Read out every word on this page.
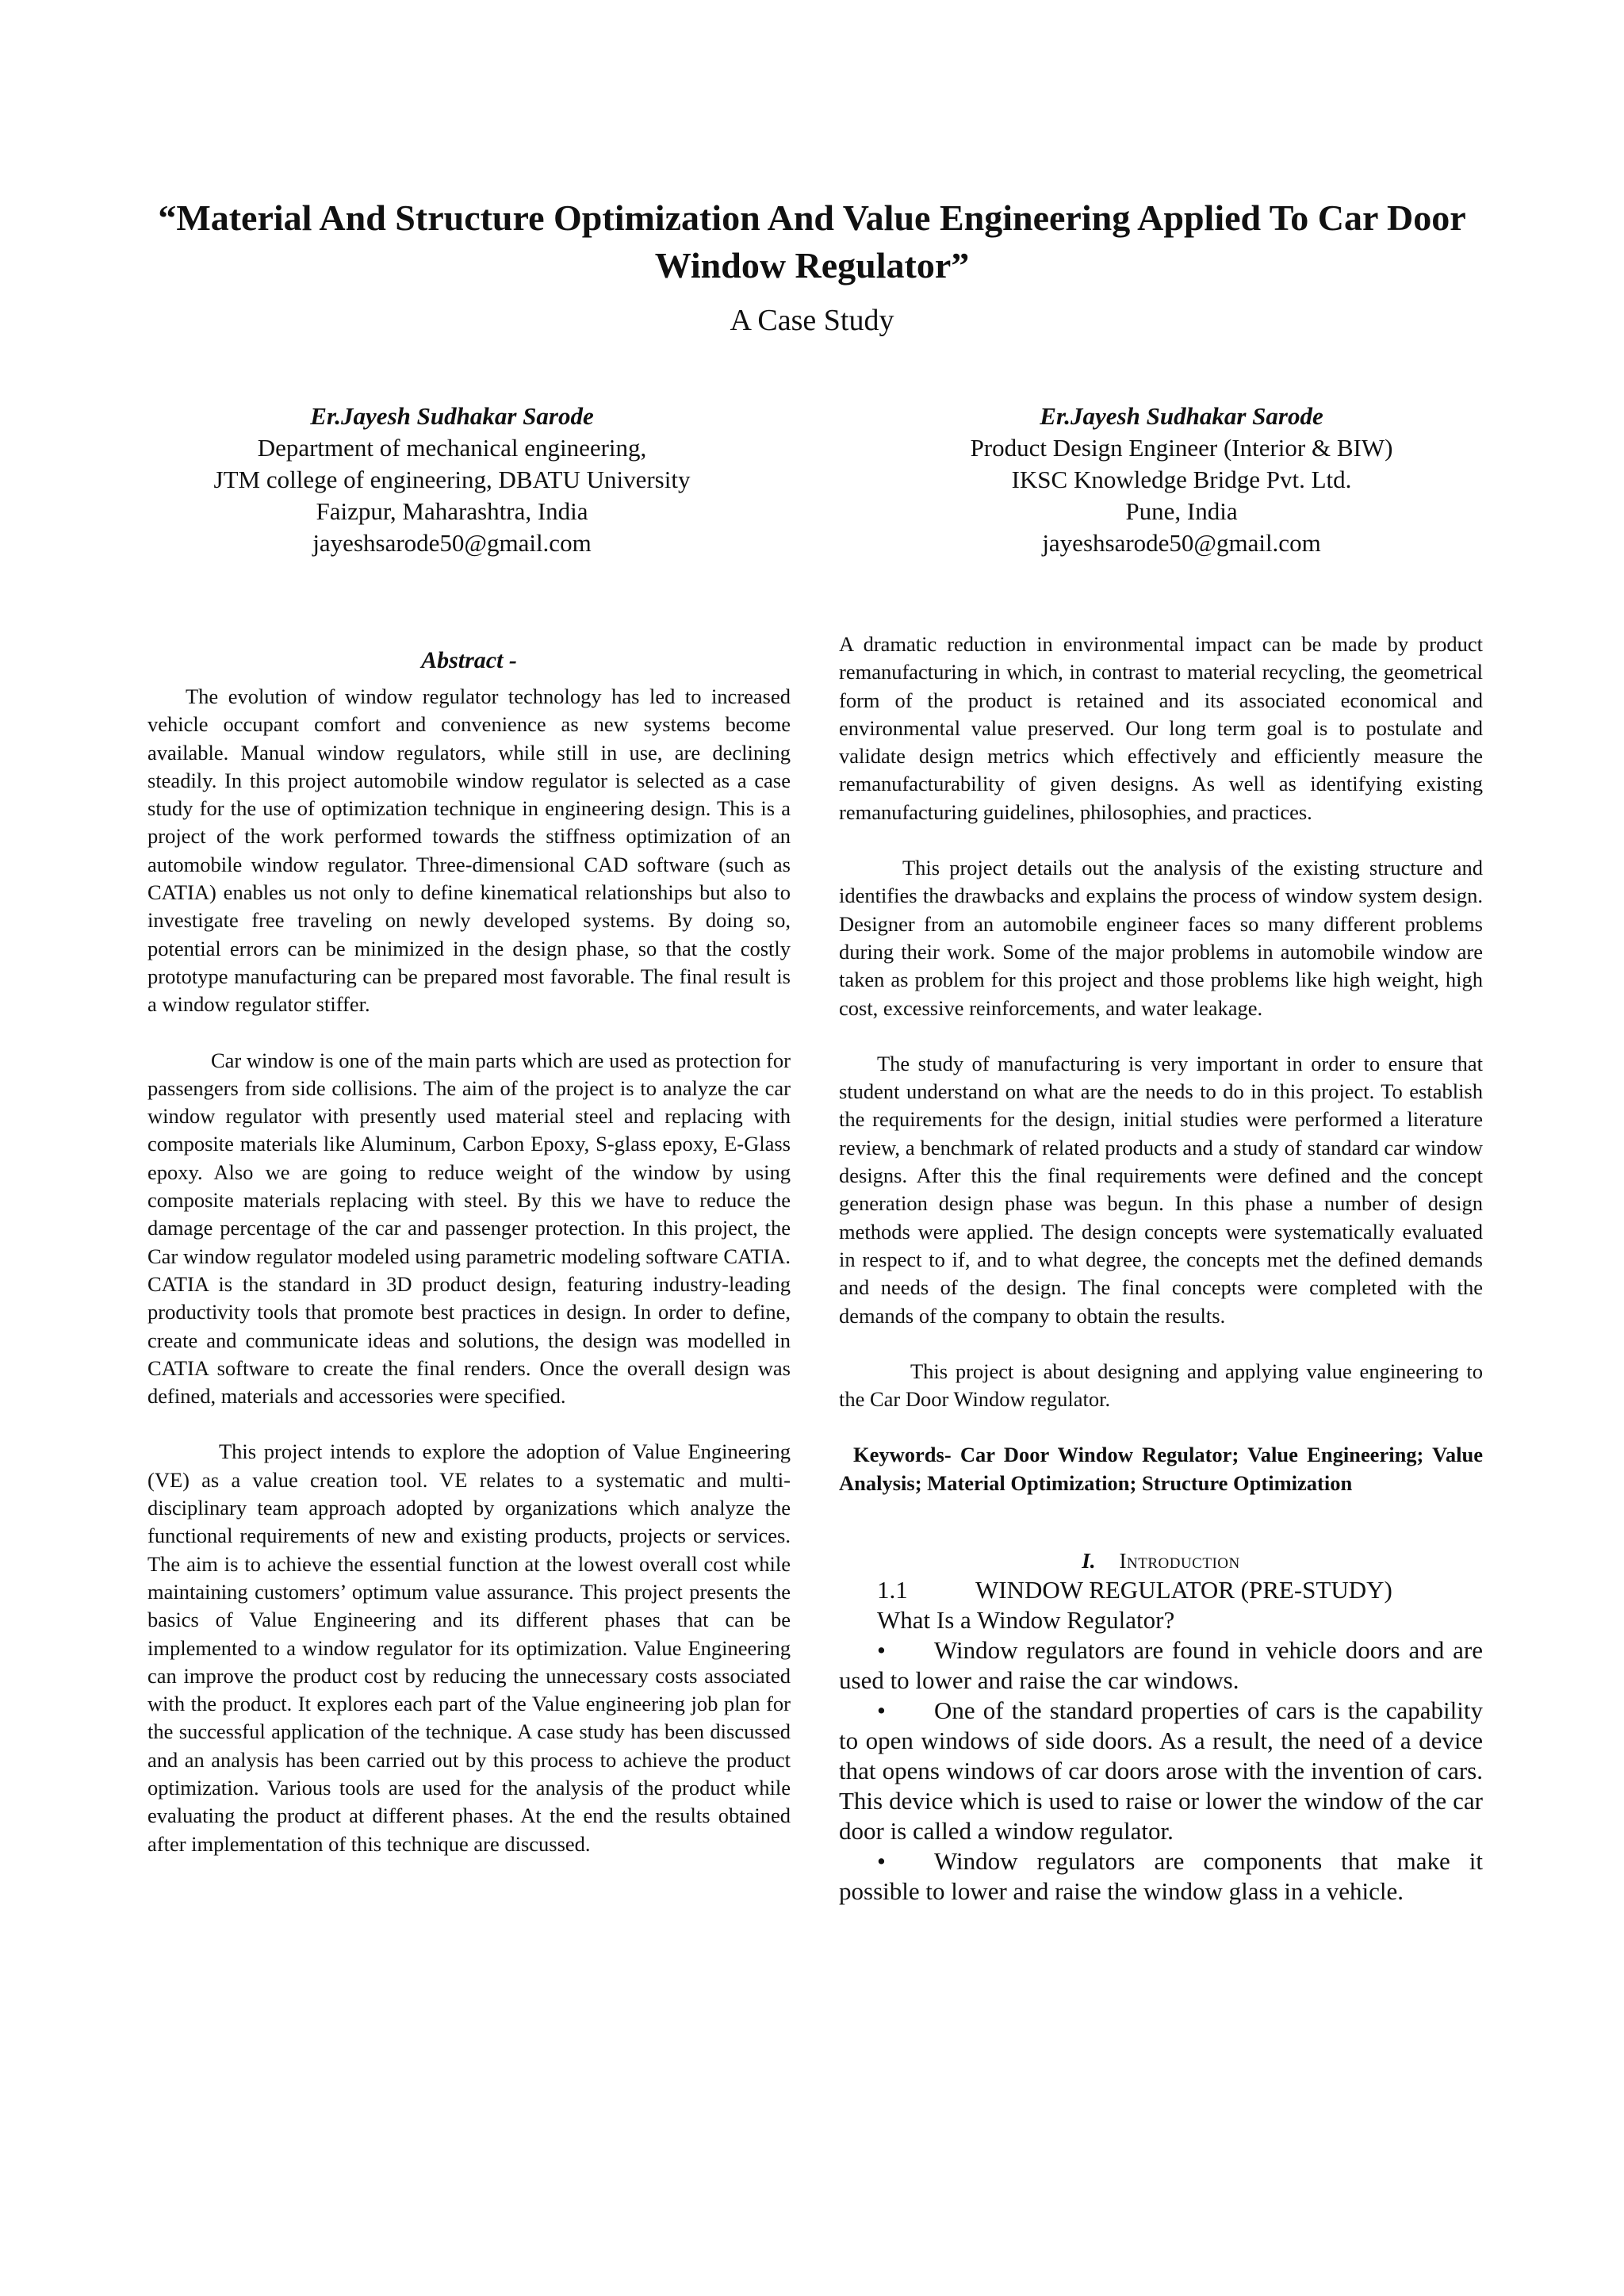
“Material And Structure Optimization And Value Engineering Applied To Car Door Window Regulator”
A Case Study
Er.Jayesh Sudhakar Sarode
Department of mechanical engineering,
JTM college of engineering, DBATU University
Faizpur, Maharashtra, India
jayeshsarode50@gmail.com
Er.Jayesh Sudhakar Sarode
Product Design Engineer (Interior & BIW)
IKSC Knowledge Bridge Pvt. Ltd.
Pune, India
jayeshsarode50@gmail.com
Abstract -

The evolution of window regulator technology has led to increased vehicle occupant comfort and convenience as new systems become available. Manual window regulators, while still in use, are declining steadily. In this project automobile window regulator is selected as a case study for the use of optimization technique in engineering design. This is a project of the work performed towards the stiffness optimization of an automobile window regulator. Three-dimensional CAD software (such as CATIA) enables us not only to define kinematical relationships but also to investigate free traveling on newly developed systems. By doing so, potential errors can be minimized in the design phase, so that the costly prototype manufacturing can be prepared most favorable. The final result is a window regulator stiffer.

Car window is one of the main parts which are used as protection for passengers from side collisions. The aim of the project is to analyze the car window regulator with presently used material steel and replacing with composite materials like Aluminum, Carbon Epoxy, S-glass epoxy, E-Glass epoxy. Also we are going to reduce weight of the window by using composite materials replacing with steel. By this we have to reduce the damage percentage of the car and passenger protection. In this project, the Car window regulator modeled using parametric modeling software CATIA. CATIA is the standard in 3D product design, featuring industry-leading productivity tools that promote best practices in design. In order to define, create and communicate ideas and solutions, the design was modelled in CATIA software to create the final renders. Once the overall design was defined, materials and accessories were specified.

This project intends to explore the adoption of Value Engineering (VE) as a value creation tool. VE relates to a systematic and multi-disciplinary team approach adopted by organizations which analyze the functional requirements of new and existing products, projects or services. The aim is to achieve the essential function at the lowest overall cost while maintaining customers’ optimum value assurance. This project presents the basics of Value Engineering and its different phases that can be implemented to a window regulator for its optimization. Value Engineering can improve the product cost by reducing the unnecessary costs associated with the product. It explores each part of the Value engineering job plan for the successful application of the technique. A case study has been discussed and an analysis has been carried out by this process to achieve the product optimization. Various tools are used for the analysis of the product while evaluating the product at different phases. At the end the results obtained after implementation of this technique are discussed.

A dramatic reduction in environmental impact can be made by product remanufacturing in which, in contrast to material recycling, the geometrical form of the product is retained and its associated economical and environmental value preserved. Our long term goal is to postulate and validate design metrics which effectively and efficiently measure the remanufacturability of given designs. As well as identifying existing remanufacturing guidelines, philosophies, and practices.

This project details out the analysis of the existing structure and identifies the drawbacks and explains the process of window system design. Designer from an automobile engineer faces so many different problems during their work. Some of the major problems in automobile window are taken as problem for this project and those problems like high weight, high cost, excessive reinforcements, and water leakage.

The study of manufacturing is very important in order to ensure that student understand on what are the needs to do in this project. To establish the requirements for the design, initial studies were performed a literature review, a benchmark of related products and a study of standard car window designs. After this the final requirements were defined and the concept generation design phase was begun. In this phase a number of design methods were applied. The design concepts were systematically evaluated in respect to if, and to what degree, the concepts met the defined demands and needs of the design. The final concepts were completed with the demands of the company to obtain the results.

This project is about designing and applying value engineering to the Car Door Window regulator.

Keywords- Car Door Window Regulator; Value Engineering; Value Analysis; Material Optimization; Structure Optimization

I. Introduction
1.1	WINDOW REGULATOR (PRE-STUDY)
What Is a Window Regulator?

• Window regulators are found in vehicle doors and are used to lower and raise the car windows.

• One of the standard properties of cars is the capability to open windows of side doors. As a result, the need of a device that opens windows of car doors arose with the invention of cars. This device which is used to raise or lower the window of the car door is called a window regulator.

• Window regulators are components that make it possible to lower and raise the window glass in a vehicle.
